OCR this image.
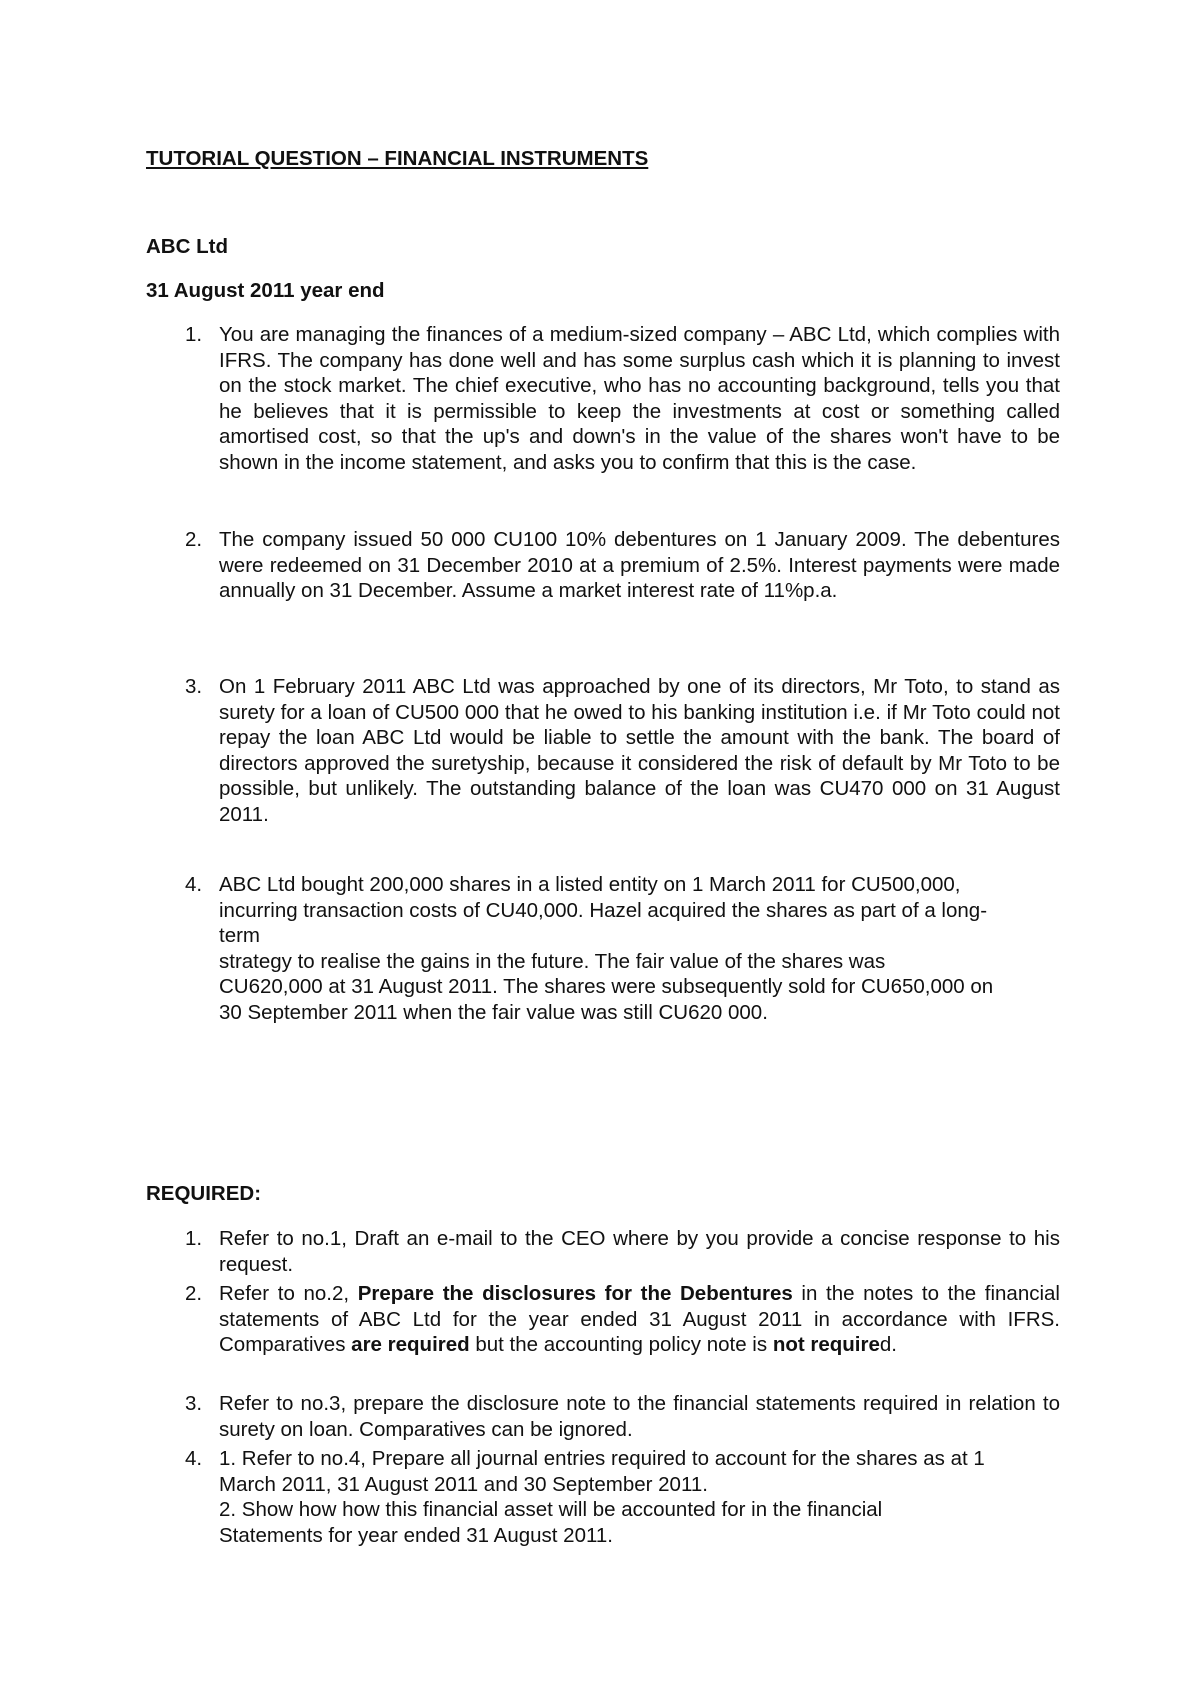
TUTORIAL QUESTION – FINANCIAL INSTRUMENTS

ABC Ltd

31 August 2011 year end

1. You are managing the finances of a medium-sized company – ABC Ltd, which complies with IFRS. The company has done well and has some surplus cash which it is planning to invest on the stock market. The chief executive, who has no accounting background, tells you that he believes that it is permissible to keep the investments at cost or something called amortised cost, so that the up's and down's in the value of the shares won't have to be shown in the income statement, and asks you to confirm that this is the case.
2. The company issued 50 000 CU100 10% debentures on 1 January 2009. The debentures were redeemed on 31 December 2010 at a premium of 2.5%. Interest payments were made annually on 31 December. Assume a market interest rate of 11%p.a.
3. On 1 February 2011 ABC Ltd was approached by one of its directors, Mr Toto, to stand as surety for a loan of CU500 000 that he owed to his banking institution i.e. if Mr Toto could not repay the loan ABC Ltd would be liable to settle the amount with the bank. The board of directors approved the suretyship, because it considered the risk of default by Mr Toto to be possible, but unlikely. The outstanding balance of the loan was CU470 000 on 31 August 2011.
4. ABC Ltd bought 200,000 shares in a listed entity on 1 March 2011 for CU500,000,
incurring transaction costs of CU40,000. Hazel acquired the shares as part of a long-
term
strategy to realise the gains in the future. The fair value of the shares was
CU620,000 at 31 August 2011. The shares were subsequently sold for CU650,000 on
30 September 2011 when the fair value was still CU620 000.

REQUIRED:

1. Refer to no.1, Draft an e-mail to the CEO where by you provide a concise response to his request.
2. Refer to no.2, Prepare the disclosures for the Debentures in the notes to the financial statements of ABC Ltd for the year ended 31 August 2011 in accordance with IFRS. Comparatives are required but the accounting policy note is not required.
3. Refer to no.3, prepare the disclosure note to the financial statements required in relation to surety on loan. Comparatives can be ignored.
4. 1. Refer to no.4, Prepare all journal entries required to account for the shares as at 1
March 2011, 31 August 2011 and 30 September 2011.
2. Show how how this financial asset will be accounted for in the financial
Statements for year ended 31 August 2011.
